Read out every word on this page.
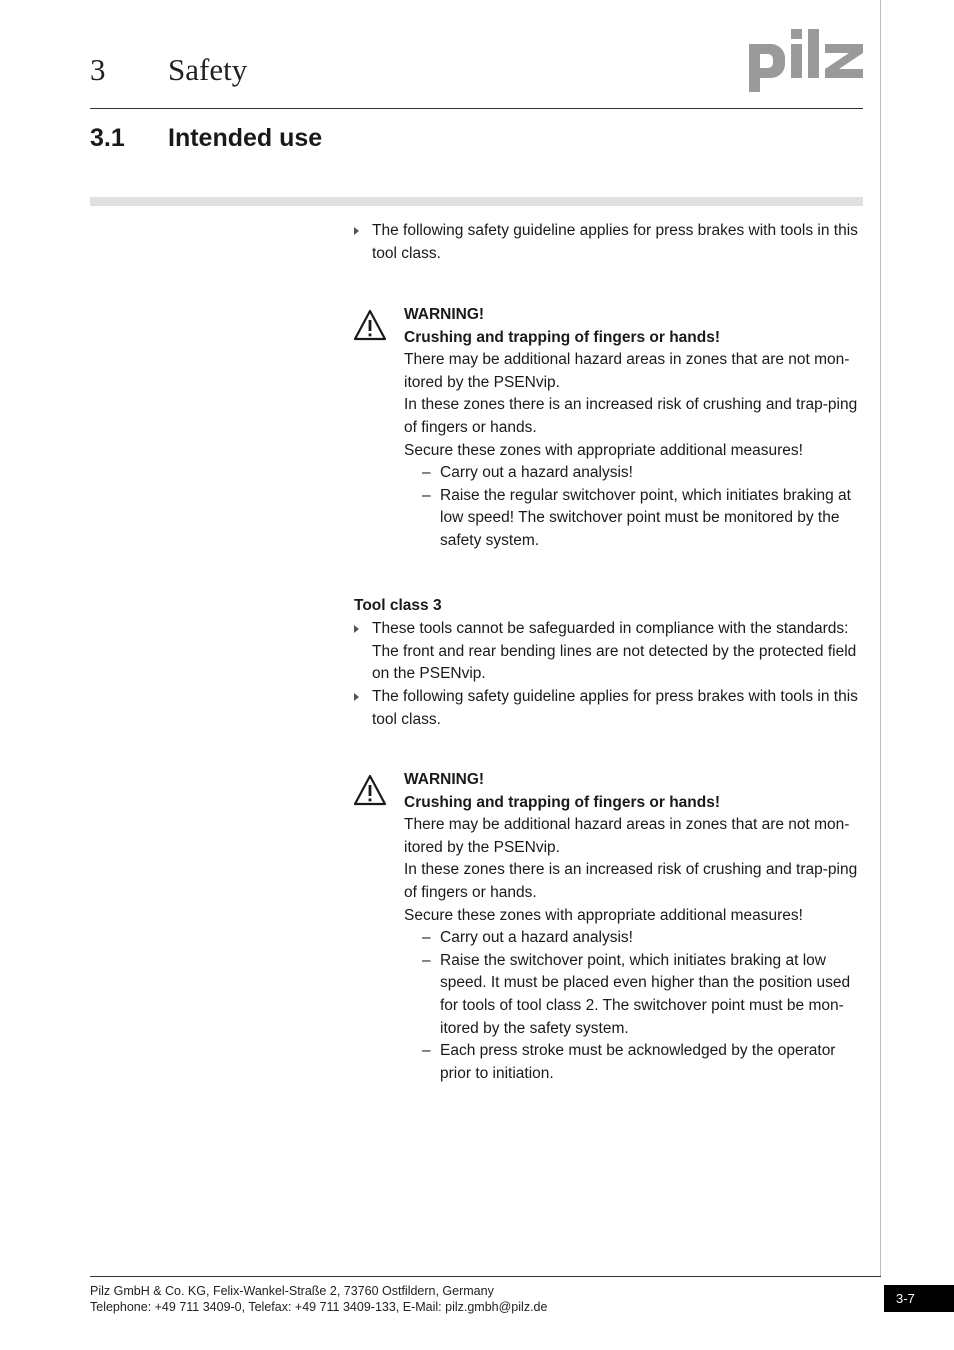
3 Safety
3.1 Intended use
The following safety guideline applies for press brakes with tools in this tool class.
WARNING!
Crushing and trapping of fingers or hands!
There may be additional hazard areas in zones that are not mon-itored by the PSENvip.
In these zones there is an increased risk of crushing and trap-ping of fingers or hands.
Secure these zones with appropriate additional measures!
– Carry out a hazard analysis!
– Raise the regular switchover point, which initiates braking at low speed! The switchover point must be monitored by the safety system.
Tool class 3
These tools cannot be safeguarded in compliance with the standards: The front and rear bending lines are not detected by the protected field on the PSENvip.
The following safety guideline applies for press brakes with tools in this tool class.
WARNING!
Crushing and trapping of fingers or hands!
There may be additional hazard areas in zones that are not mon-itored by the PSENvip.
In these zones there is an increased risk of crushing and trap-ping of fingers or hands.
Secure these zones with appropriate additional measures!
– Carry out a hazard analysis!
– Raise the switchover point, which initiates braking at low speed. It must be placed even higher than the position used for tools of tool class 2. The switchover point must be mon-itored by the safety system.
– Each press stroke must be acknowledged by the operator prior to initiation.
Pilz GmbH & Co. KG, Felix-Wankel-Straße 2, 73760 Ostfildern, Germany
Telephone: +49 711 3409-0, Telefax: +49 711 3409-133, E-Mail: pilz.gmbh@pilz.de
3-7
